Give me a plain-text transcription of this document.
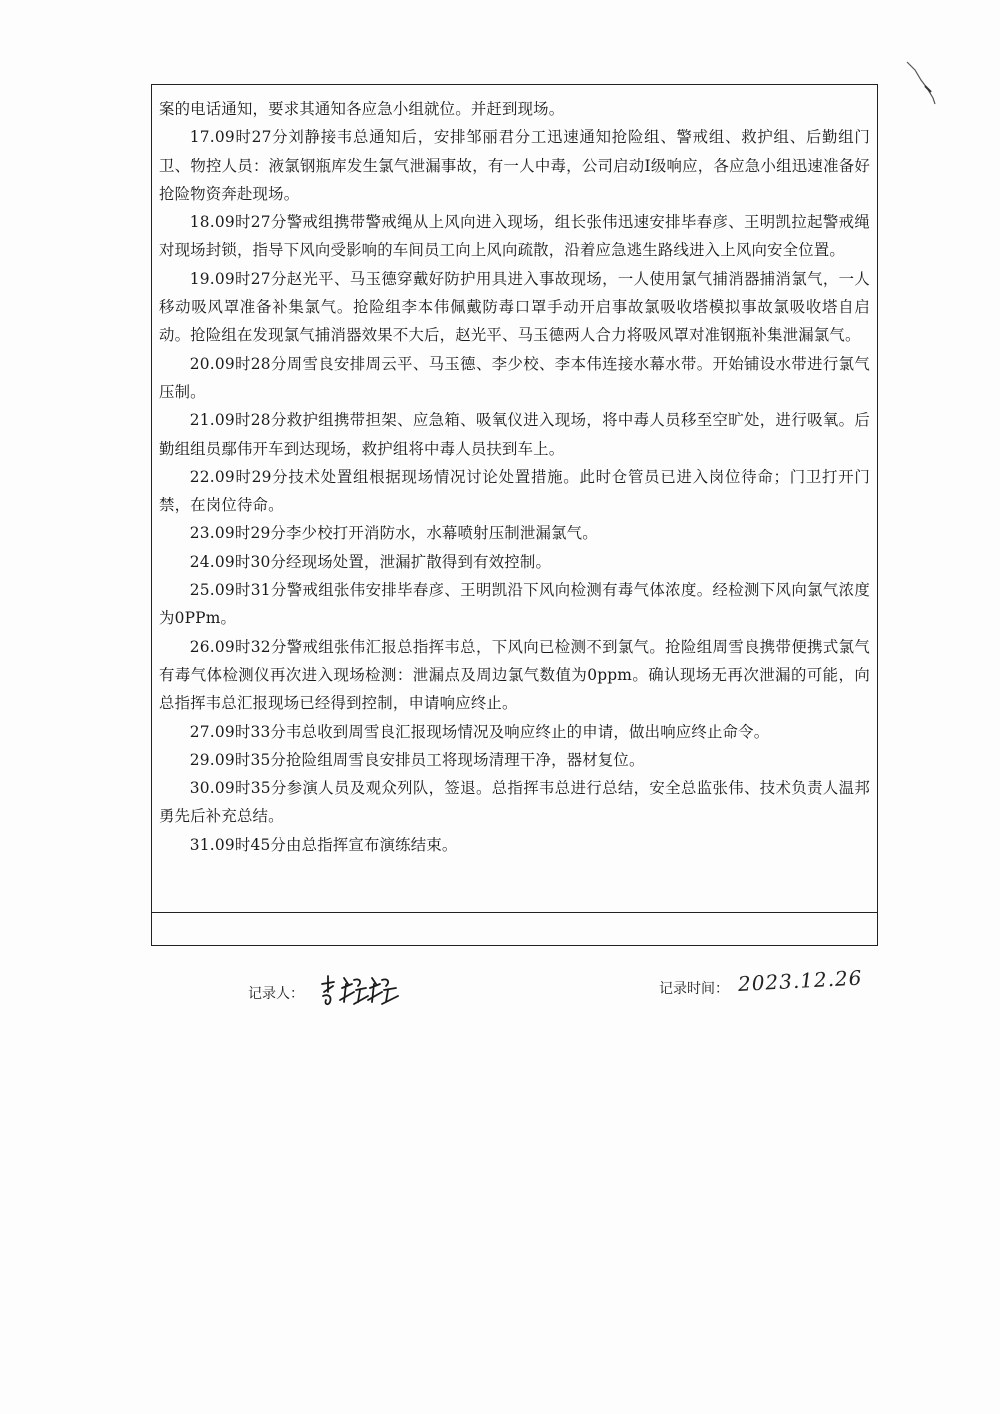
案的电话通知，要求其通知各应急小组就位。并赶到现场。

17.09时27分刘静接韦总通知后，安排邹丽君分工迅速通知抢险组、警戒组、救护组、后勤组门卫、物控人员：液氯钢瓶库发生氯气泄漏事故，有一人中毒，公司启动Ⅰ级响应，各应急小组迅速准备好抢险物资奔赴现场。

18.09时27分警戒组携带警戒绳从上风向进入现场，组长张伟迅速安排毕春彦、王明凯拉起警戒绳对现场封锁，指导下风向受影响的车间员工向上风向疏散，沿着应急逃生路线进入上风向安全位置。

19.09时27分赵光平、马玉德穿戴好防护用具进入事故现场，一人使用氯气捕消器捕消氯气，一人移动吸风罩准备补集氯气。抢险组李本伟佩戴防毒口罩手动开启事故氯吸收塔模拟事故氯吸收塔自启动。抢险组在发现氯气捕消器效果不大后，赵光平、马玉德两人合力将吸风罩对准钢瓶补集泄漏氯气。

20.09时28分周雪良安排周云平、马玉德、李少校、李本伟连接水幕水带。开始铺设水带进行氯气压制。

21.09时28分救护组携带担架、应急箱、吸氧仪进入现场，将中毒人员移至空旷处，进行吸氧。后勤组组员鄢伟开车到达现场，救护组将中毒人员扶到车上。

22.09时29分技术处置组根据现场情况讨论处置措施。此时仓管员已进入岗位待命；门卫打开门禁，在岗位待命。

23.09时29分李少校打开消防水，水幕喷射压制泄漏氯气。

24.09时30分经现场处置，泄漏扩散得到有效控制。

25.09时31分警戒组张伟安排毕春彦、王明凯沿下风向检测有毒气体浓度。经检测下风向氯气浓度为0PPm。

26.09时32分警戒组张伟汇报总指挥韦总，下风向已检测不到氯气。抢险组周雪良携带便携式氯气有毒气体检测仪再次进入现场检测：泄漏点及周边氯气数值为0ppm。确认现场无再次泄漏的可能，向总指挥韦总汇报现场已经得到控制，申请响应终止。

27.09时33分韦总收到周雪良汇报现场情况及响应终止的申请，做出响应终止命令。

29.09时35分抢险组周雪良安排员工将现场清理干净，器材复位。

30.09时35分参演人员及观众列队，签退。总指挥韦总进行总结，安全总监张伟、技术负责人温邦勇先后补充总结。

31.09时45分由总指挥宣布演练结束。

记录人：	记录时间： 2023.12.26
